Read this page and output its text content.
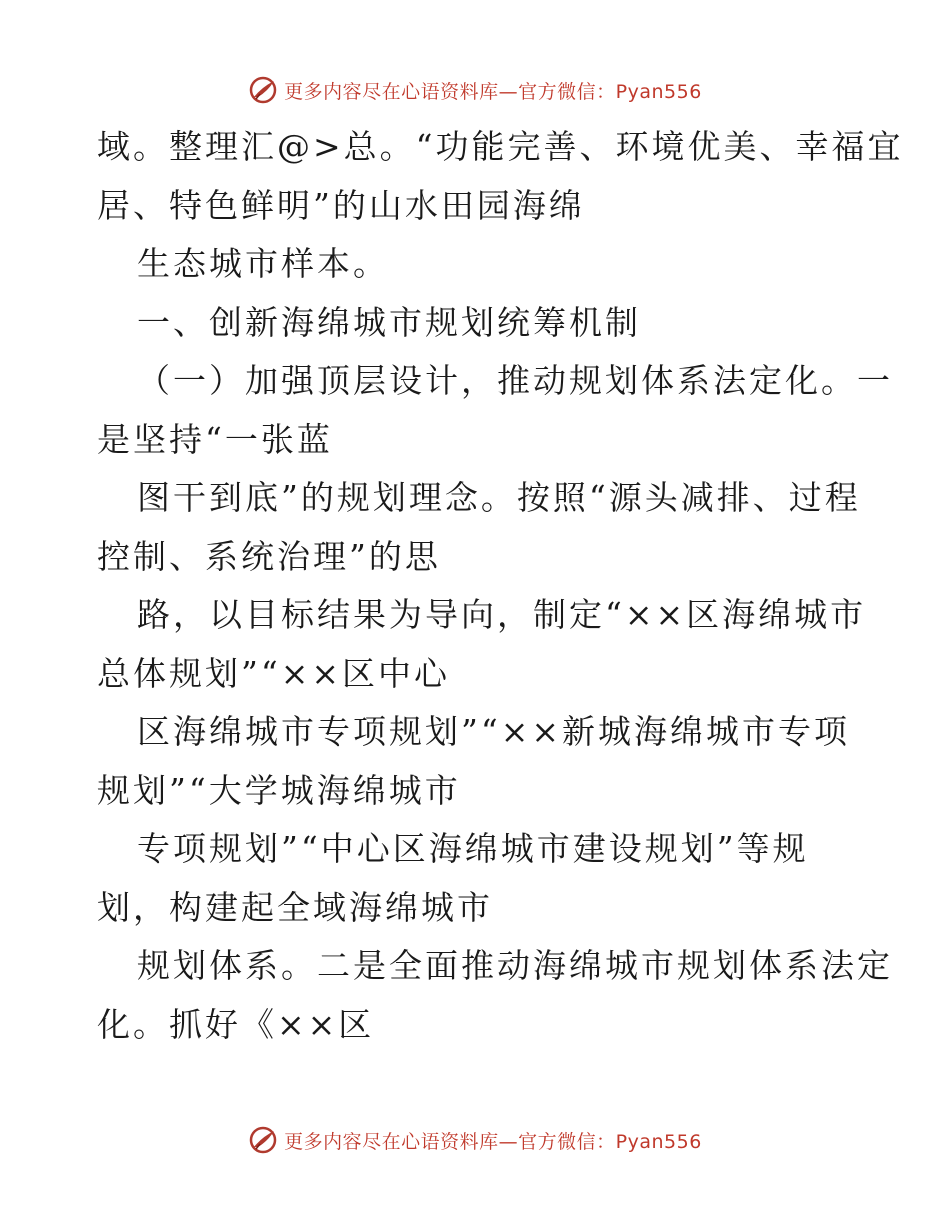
更多内容尽在心语资料库—官方微信：Pyan556
域。整理汇@>总。“功能完善、环境优美、幸福宜
居、特色鲜明”的山水田园海绵
生态城市样本。
一、创新海绵城市规划统筹机制
（一）加强顶层设计，推动规划体系法定化。一
是坚持“一张蓝
图干到底”的规划理念。按照“源头减排、过程
控制、系统治理”的思
路，以目标结果为导向，制定“××区海绵城市
总体规划”“××区中心
区海绵城市专项规划”“××新城海绵城市专项
规划”“大学城海绵城市
专项规划”“中心区海绵城市建设规划”等规
划，构建起全域海绵城市
规划体系。二是全面推动海绵城市规划体系法定
化。抓好《××区
更多内容尽在心语资料库—官方微信：Pyan556
